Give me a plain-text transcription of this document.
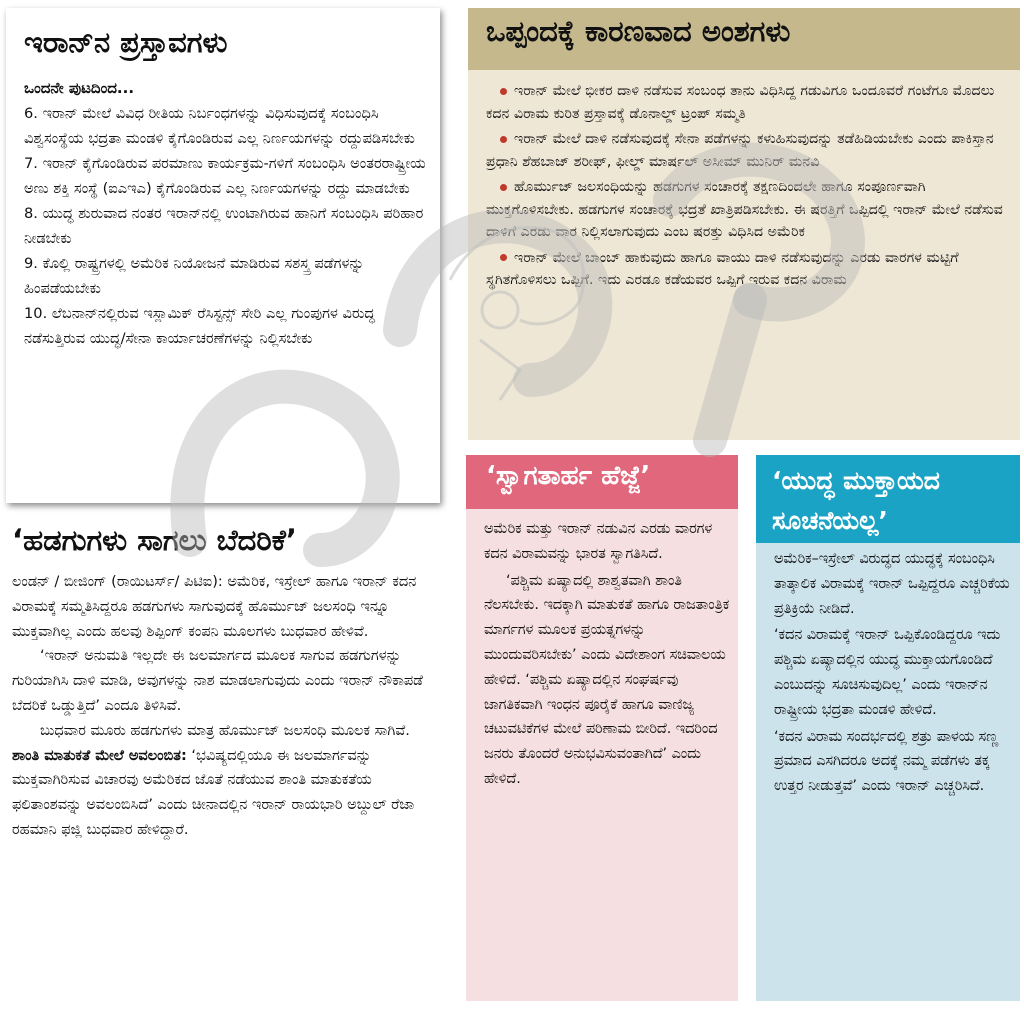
ಇರಾನ್‌ನ ಪ್ರಸ್ತಾವಗಳು
ಒಂದನೇ ಪುಟದಿಂದ...
6. ಇರಾನ್ ಮೇಲೆ ವಿವಿಧ ರೀತಿಯ ನಿರ್ಬಂಧಗಳನ್ನು ವಿಧಿಸುವುದಕ್ಕೆ ಸಂಬಂಧಿಸಿ ವಿಶ್ವಸಂಸ್ಥೆಯ ಭದ್ರತಾ ಮಂಡಳಿ ಕೈಗೊಂಡಿರುವ ಎಲ್ಲ ನಿರ್ಣಯಗಳನ್ನು ರದ್ದುಪಡಿಸಬೇಕು
7. ಇರಾನ್ ಕೈಗೊಂಡಿರುವ ಪರಮಾಣು ಕಾರ್ಯಕ್ರಮ-ಗಳಿಗೆ ಸಂಬಂಧಿಸಿ ಅಂತರರಾಷ್ಟ್ರೀಯ ಅಣು ಶಕ್ತಿ ಸಂಸ್ಥೆ (ಐಎಇಎ) ಕೈಗೊಂಡಿರುವ ಎಲ್ಲ ನಿರ್ಣಯಗಳನ್ನು ರದ್ದು ಮಾಡಬೇಕು
8. ಯುದ್ಧ ಶುರುವಾದ ನಂತರ ಇರಾನ್‌ನಲ್ಲಿ ಉಂಟಾಗಿರುವ ಹಾನಿಗೆ ಸಂಬಂಧಿಸಿ ಪರಿಹಾರ ನೀಡಬೇಕು
9. ಕೊಲ್ಲಿ ರಾಷ್ಟ್ರಗಳಲ್ಲಿ ಅಮೆರಿಕ ನಿಯೋಜನೆ ಮಾಡಿರುವ ಸಶಸ್ತ್ರ ಪಡೆಗಳನ್ನು ಹಿಂಪಡೆಯಬೇಕು
10. ಲೆಬನಾನ್‌ನಲ್ಲಿರುವ ಇಸ್ಲಾಮಿಕ್ ರೆಸಿಸ್ಟನ್ಸ್ ಸೇರಿ ಎಲ್ಲ ಗುಂಪುಗಳ ವಿರುದ್ಧ ನಡೆಸುತ್ತಿರುವ ಯುದ್ಧ/ಸೇನಾ ಕಾರ್ಯಾಚರಣೆಗಳನ್ನು ನಿಲ್ಲಿಸಬೇಕು
ಒಪ್ಪಂದಕ್ಕೆ ಕಾರಣವಾದ ಅಂಶಗಳು
ಇರಾನ್ ಮೇಲೆ ಭೀಕರ ದಾಳಿ ನಡೆಸುವ ಸಂಬಂಧ ತಾನು ವಿಧಿಸಿದ್ದ ಗಡುವಿಗೂ ಒಂದೂವರೆ ಗಂಟೆಗೂ ಮೊದಲು ಕದನ ವಿರಾಮ ಕುರಿತ ಪ್ರಸ್ತಾವಕ್ಕೆ ಡೊನಾಲ್ಡ್ ಟ್ರಂಪ್ ಸಮ್ಮತಿ
ಇರಾನ್ ಮೇಲೆ ದಾಳಿ ನಡೆಸುವುದಕ್ಕೆ ಸೇನಾ ಪಡೆಗಳನ್ನು ಕಳುಹಿಸುವುದನ್ನು ತಡೆಹಿಡಿಯಬೇಕು ಎಂದು ಪಾಕಿಸ್ತಾನ ಪ್ರಧಾನಿ ಶೆಹಬಾಜ್ ಶರೀಫ್, ಫೀಲ್ಡ್ ಮಾರ್ಷಲ್ ಅಸೀಮ್ ಮುನಿರ್ ಮನವಿ
ಹೊರ್ಮುಜ್ ಜಲಸಂಧಿಯನ್ನು ಹಡಗುಗಳ ಸಂಚಾರಕ್ಕೆ ತಕ್ಷಣದಿಂದಲೇ ಹಾಗೂ ಸಂಪೂರ್ಣವಾಗಿ ಮುಕ್ತಗೊಳಿಸಬೇಕು. ಹಡಗುಗಳ ಸಂಚಾರಕ್ಕೆ ಭದ್ರತೆ ಖಾತ್ರಿಪಡಿಸಬೇಕು. ಈ ಷರತ್ತಿಗೆ ಒಪ್ಪಿದಲ್ಲಿ ಇರಾನ್ ಮೇಲೆ ನಡೆಸುವ ದಾಳಿಗೆ ಎರಡು ವಾರ ನಿಲ್ಲಿಸಲಾಗುವುದು ಎಂಬ ಷರತ್ತು ವಿಧಿಸಿದ ಅಮೆರಿಕ
ಇರಾನ್ ಮೇಲೆ ಬಾಂಬ್ ಹಾಕುವುದು ಹಾಗೂ ವಾಯು ದಾಳಿ ನಡೆಸುವುದನ್ನು ಎರಡು ವಾರಗಳ ಮಟ್ಟಿಗೆ ಸ್ಥಗಿತಗೊಳಿಸಲು ಒಪ್ಪಿಗೆ. ಇದು ಎರಡೂ ಕಡೆಯವರ ಒಪ್ಪಿಗೆ ಇರುವ ಕದನ ವಿರಾಮ
‘ಹಡಗುಗಳು ಸಾಗಲು ಬೆದರಿಕೆ’

ಲಂಡನ್ / ಬೀಜಿಂಗ್ (ರಾಯಿಟರ್ಸ್/ ಪಿಟಿಐ): ಅಮೆರಿಕ, ಇಸ್ರೇಲ್ ಹಾಗೂ ಇರಾನ್ ಕದನ ವಿರಾಮಕ್ಕೆ ಸಮ್ಮತಿಸಿದ್ದರೂ ಹಡಗುಗಳು ಸಾಗುವುದಕ್ಕೆ ಹೊರ್ಮುಜ್ ಜಲಸಂಧಿ ಇನ್ನೂ ಮುಕ್ತವಾಗಿಲ್ಲ ಎಂದು ಹಲವು ಶಿಪ್ಪಿಂಗ್ ಕಂಪನಿ ಮೂಲಗಳು ಬುಧವಾರ ಹೇಳಿವೆ.

‘ಇರಾನ್ ಅನುಮತಿ ಇಲ್ಲದೇ ಈ ಜಲಮಾರ್ಗದ ಮೂಲಕ ಸಾಗುವ ಹಡಗುಗಳನ್ನು ಗುರಿಯಾಗಿಸಿ ದಾಳಿ ಮಾಡಿ, ಅವುಗಳನ್ನು ನಾಶ ಮಾಡಲಾಗುವುದು ಎಂದು ಇರಾನ್ ನೌಕಾಪಡೆ ಬೆದರಿಕೆ ಒಡ್ಡುತ್ತಿದೆ’ ಎಂದೂ ತಿಳಿಸಿವೆ.

ಬುಧವಾರ ಮೂರು ಹಡಗುಗಳು ಮಾತ್ರ ಹೊರ್ಮುಜ್ ಜಲಸಂಧಿ ಮೂಲಕ ಸಾಗಿವೆ.

ಶಾಂತಿ ಮಾತುಕತೆ ಮೇಲೆ ಅವಲಂಬಿತ: ‘ಭವಿಷ್ಯದಲ್ಲಿಯೂ ಈ ಜಲಮಾರ್ಗವನ್ನು ಮುಕ್ತವಾಗಿರಿಸುವ ವಿಚಾರವು ಅಮೆರಿಕದ ಜೊತೆ ನಡೆಯುವ ಶಾಂತಿ ಮಾತುಕತೆಯ ಫಲಿತಾಂಶವನ್ನು ಅವಲಂಬಿಸಿದೆ’ ಎಂದು ಚೀನಾದಲ್ಲಿನ ಇರಾನ್ ರಾಯಭಾರಿ ಅಬ್ದುಲ್ ರೆಜಾ ರಹಮಾನಿ ಫಜ್ಲಿ ಬುಧವಾರ ಹೇಳಿದ್ದಾರೆ.

‘ಸ್ವಾಗತಾರ್ಹ ಹೆಜ್ಜೆ’

ಅಮೆರಿಕ ಮತ್ತು ಇರಾನ್ ನಡುವಿನ ಎರಡು ವಾರಗಳ ಕದನ ವಿರಾಮವನ್ನು ಭಾರತ ಸ್ವಾಗತಿಸಿದೆ.

‘ಪಶ್ಚಿಮ ಏಷ್ಯಾದಲ್ಲಿ ಶಾಶ್ವತವಾಗಿ ಶಾಂತಿ ನೆಲಸಬೇಕು. ಇದಕ್ಕಾಗಿ ಮಾತುಕತೆ ಹಾಗೂ ರಾಜತಾಂತ್ರಿಕ ಮಾರ್ಗಗಳ ಮೂಲಕ ಪ್ರಯತ್ನಗಳನ್ನು ಮುಂದುವರಿಸಬೇಕು’ ಎಂದು ವಿದೇಶಾಂಗ ಸಚಿವಾಲಯ ಹೇಳಿದೆ. ‘ಪಶ್ಚಿಮ ಏಷ್ಯಾದಲ್ಲಿನ ಸಂಘರ್ಷವು ಜಾಗತಿಕವಾಗಿ ಇಂಧನ ಪೂರೈಕೆ ಹಾಗೂ ವಾಣಿಜ್ಯ ಚಟುವಟಿಕೆಗಳ ಮೇಲೆ ಪರಿಣಾಮ ಬೀರಿದೆ. ಇದರಿಂದ ಜನರು ತೊಂದರೆ ಅನುಭವಿಸುವಂತಾಗಿದೆ’ ಎಂದು ಹೇಳಿದೆ.

‘ಯುದ್ಧ ಮುಕ್ತಾಯದ ಸೂಚನೆಯಲ್ಲ’

ಅಮೆರಿಕ–ಇಸ್ರೇಲ್ ವಿರುದ್ಧದ ಯುದ್ಧಕ್ಕೆ ಸಂಬಂಧಿಸಿ ತಾತ್ಕಾಲಿಕ ವಿರಾಮಕ್ಕೆ ಇರಾನ್ ಒಪ್ಪಿದ್ದರೂ ಎಚ್ಚರಿಕೆಯ ಪ್ರತಿಕ್ರಿಯೆ ನೀಡಿದೆ.

‘ಕದನ ವಿರಾಮಕ್ಕೆ ಇರಾನ್ ಒಪ್ಪಿಕೊಂಡಿದ್ದರೂ ಇದು ಪಶ್ಚಿಮ ಏಷ್ಯಾದಲ್ಲಿನ ಯುದ್ಧ ಮುಕ್ತಾಯಗೊಂಡಿದೆ ಎಂಬುದನ್ನು ಸೂಚಿಸುವುದಿಲ್ಲ’ ಎಂದು ಇರಾನ್‌ನ ರಾಷ್ಟ್ರೀಯ ಭದ್ರತಾ ಮಂಡಳಿ ಹೇಳಿದೆ.

‘ಕದನ ವಿರಾಮ ಸಂದರ್ಭದಲ್ಲಿ ಶತ್ರು ಪಾಳಯ ಸಣ್ಣ ಪ್ರಮಾದ ಎಸಗಿದರೂ ಅದಕ್ಕೆ ನಮ್ಮ ಪಡೆಗಳು ತಕ್ಕ ಉತ್ತರ ನೀಡುತ್ತವೆ’ ಎಂದು ಇರಾನ್ ಎಚ್ಚರಿಸಿದೆ.
